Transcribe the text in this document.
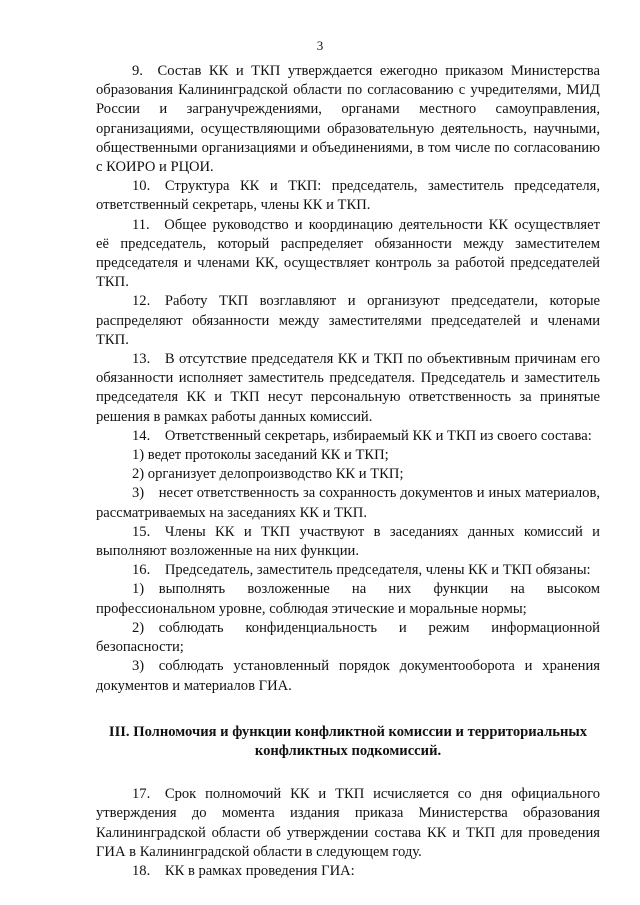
3

9. Состав КК и ТКП утверждается ежегодно приказом Министерства образования Калининградской области по согласованию с учредителями, МИД России и загранучреждениями, органами местного самоуправления, организациями, осуществляющими образовательную деятельность, научными, общественными организациями и объединениями, в том числе по согласованию с КОИРО и РЦОИ.

10. Структура КК и ТКП: председатель, заместитель председателя, ответственный секретарь, члены КК и ТКП.

11. Общее руководство и координацию деятельности КК осуществляет её председатель, который распределяет обязанности между заместителем председателя и членами КК, осуществляет контроль за работой председателей ТКП.

12. Работу ТКП возглавляют и организуют председатели, которые распределяют обязанности между заместителями председателей и членами ТКП.

13. В отсутствие председателя КК и ТКП по объективным причинам его обязанности исполняет заместитель председателя. Председатель и заместитель председателя КК и ТКП несут персональную ответственность за принятые решения в рамках работы данных комиссий.

14. Ответственный секретарь, избираемый КК и ТКП из своего состава:

1) ведет протоколы заседаний КК и ТКП;

2) организует делопроизводство КК и ТКП;

3) несет ответственность за сохранность документов и иных материалов, рассматриваемых на заседаниях КК и ТКП.

15. Члены КК и ТКП участвуют в заседаниях данных комиссий и выполняют возложенные на них функции.

16. Председатель, заместитель председателя, члены КК и ТКП обязаны:

1) выполнять возложенные на них функции на высоком профессиональном уровне, соблюдая этические и моральные нормы;

2) соблюдать конфиденциальность и режим информационной безопасности;

3) соблюдать установленный порядок документооборота и хранения документов и материалов ГИА.

III. Полномочия и функции конфликтной комиссии и территориальных
конфликтных подкомиссий.

17. Срок полномочий КК и ТКП исчисляется со дня официального утверждения до момента издания приказа Министерства образования Калининградской области об утверждении состава КК и ТКП для проведения ГИА в Калининградской области в следующем году.

18. КК в рамках проведения ГИА:
